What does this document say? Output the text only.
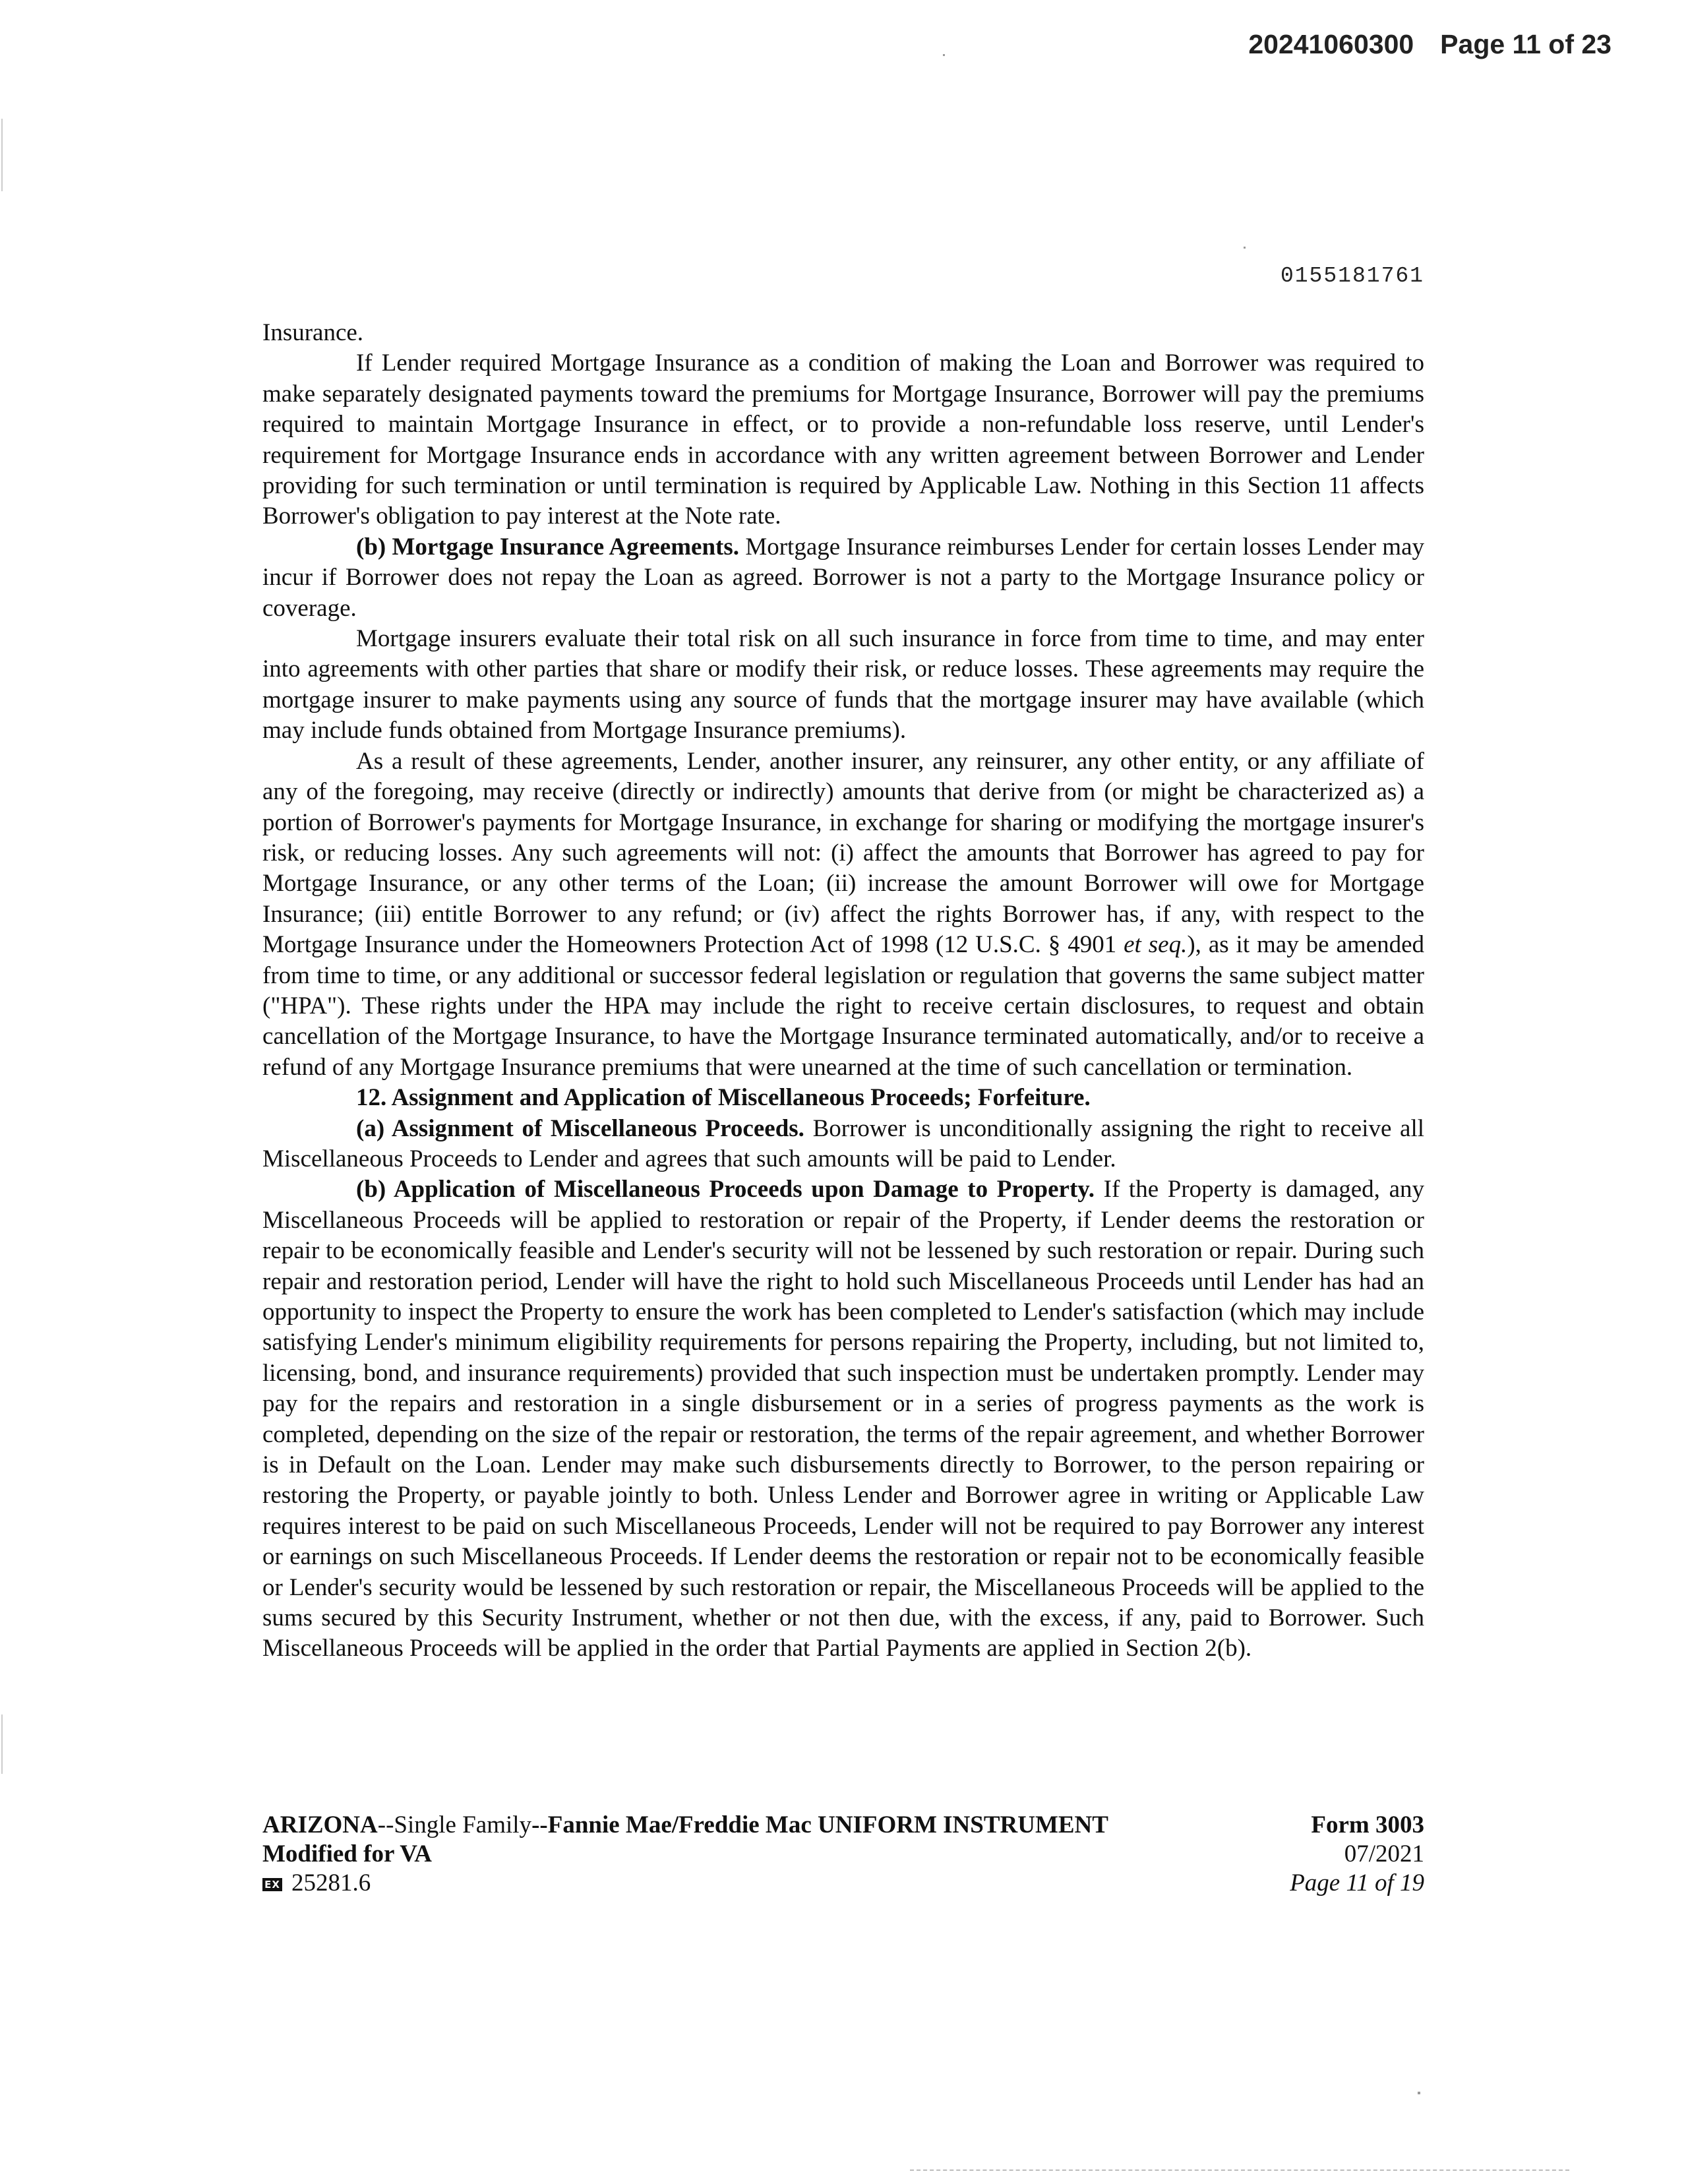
20241060300 Page 11 of 23
0155181761

Insurance.

If Lender required Mortgage Insurance as a condition of making the Loan and Borrower was required to make separately designated payments toward the premiums for Mortgage Insurance, Borrower will pay the premiums required to maintain Mortgage Insurance in effect, or to provide a non-refundable loss reserve, until Lender's requirement for Mortgage Insurance ends in accordance with any written agreement between Borrower and Lender providing for such termination or until termination is required by Applicable Law. Nothing in this Section 11 affects Borrower's obligation to pay interest at the Note rate.

(b) Mortgage Insurance Agreements. Mortgage Insurance reimburses Lender for certain losses Lender may incur if Borrower does not repay the Loan as agreed. Borrower is not a party to the Mortgage Insurance policy or coverage.

Mortgage insurers evaluate their total risk on all such insurance in force from time to time, and may enter into agreements with other parties that share or modify their risk, or reduce losses. These agreements may require the mortgage insurer to make payments using any source of funds that the mortgage insurer may have available (which may include funds obtained from Mortgage Insurance premiums).

As a result of these agreements, Lender, another insurer, any reinsurer, any other entity, or any affiliate of any of the foregoing, may receive (directly or indirectly) amounts that derive from (or might be characterized as) a portion of Borrower's payments for Mortgage Insurance, in exchange for sharing or modifying the mortgage insurer's risk, or reducing losses. Any such agreements will not: (i) affect the amounts that Borrower has agreed to pay for Mortgage Insurance, or any other terms of the Loan; (ii) increase the amount Borrower will owe for Mortgage Insurance; (iii) entitle Borrower to any refund; or (iv) affect the rights Borrower has, if any, with respect to the Mortgage Insurance under the Homeowners Protection Act of 1998 (12 U.S.C. § 4901 et seq.), as it may be amended from time to time, or any additional or successor federal legislation or regulation that governs the same subject matter ("HPA"). These rights under the HPA may include the right to receive certain disclosures, to request and obtain cancellation of the Mortgage Insurance, to have the Mortgage Insurance terminated automatically, and/or to receive a refund of any Mortgage Insurance premiums that were unearned at the time of such cancellation or termination.

12. Assignment and Application of Miscellaneous Proceeds; Forfeiture.

(a) Assignment of Miscellaneous Proceeds. Borrower is unconditionally assigning the right to receive all Miscellaneous Proceeds to Lender and agrees that such amounts will be paid to Lender.

(b) Application of Miscellaneous Proceeds upon Damage to Property. If the Property is damaged, any Miscellaneous Proceeds will be applied to restoration or repair of the Property, if Lender deems the restoration or repair to be economically feasible and Lender's security will not be lessened by such restoration or repair. During such repair and restoration period, Lender will have the right to hold such Miscellaneous Proceeds until Lender has had an opportunity to inspect the Property to ensure the work has been completed to Lender's satisfaction (which may include satisfying Lender's minimum eligibility requirements for persons repairing the Property, including, but not limited to, licensing, bond, and insurance requirements) provided that such inspection must be undertaken promptly. Lender may pay for the repairs and restoration in a single disbursement or in a series of progress payments as the work is completed, depending on the size of the repair or restoration, the terms of the repair agreement, and whether Borrower is in Default on the Loan. Lender may make such disbursements directly to Borrower, to the person repairing or restoring the Property, or payable jointly to both. Unless Lender and Borrower agree in writing or Applicable Law requires interest to be paid on such Miscellaneous Proceeds, Lender will not be required to pay Borrower any interest or earnings on such Miscellaneous Proceeds. If Lender deems the restoration or repair not to be economically feasible or Lender's security would be lessened by such restoration or repair, the Miscellaneous Proceeds will be applied to the sums secured by this Security Instrument, whether or not then due, with the excess, if any, paid to Borrower. Such Miscellaneous Proceeds will be applied in the order that Partial Payments are applied in Section 2(b).

ARIZONA--Single Family--Fannie Mae/Freddie Mac UNIFORM INSTRUMENT
Modified for VA
EX 25281.6
Form 3003
07/2021
Page 11 of 19
